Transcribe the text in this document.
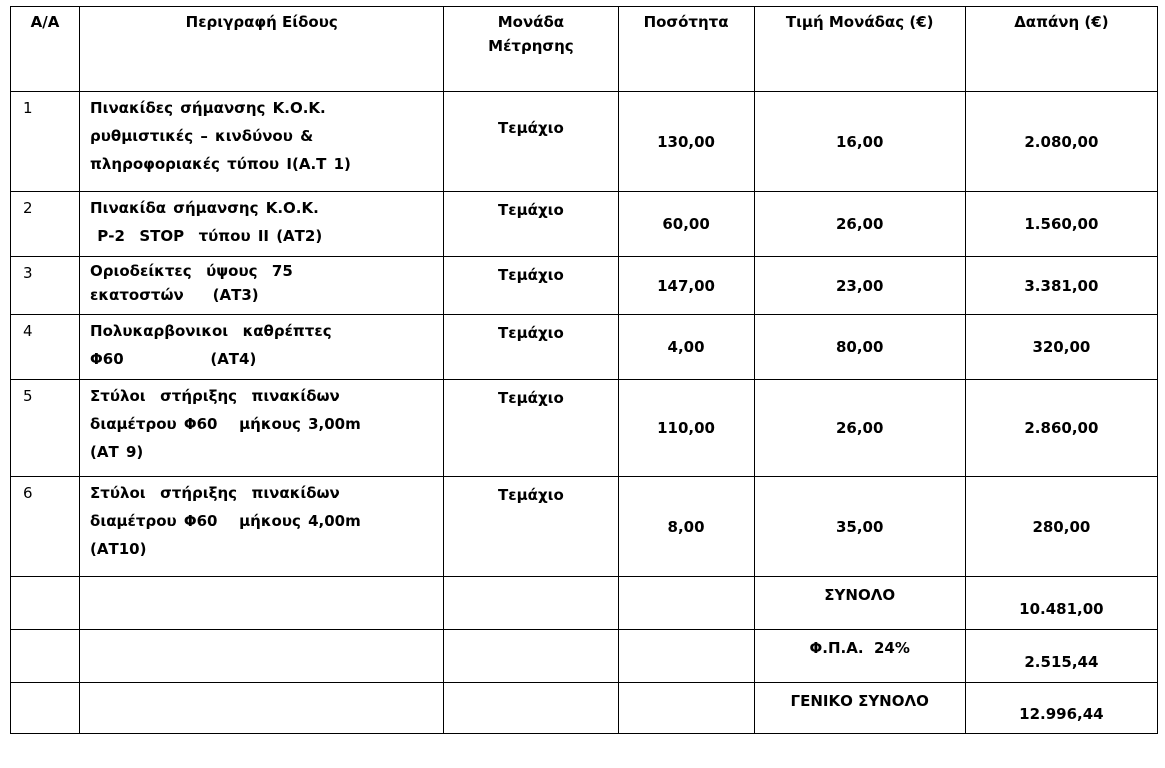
Α/Α	Περιγραφή Είδους	Μονάδα
Μέτρησης	Ποσότητα	Τιμή Μονάδας (€)	Δαπάνη (€)
1	Πινακίδες σήμανσης Κ.Ο.Κ.
ρυθμιστικές – κινδύνου &
πληροφοριακές τύπου I(Α.Τ 1)	Τεμάχιο	130,00	16,00	2.080,00
2	Πινακίδα σήμανσης Κ.Ο.Κ.
Ρ-2  STOP  τύπου II (ΑΤ2)	Τεμάχιο	60,00	26,00	1.560,00
3	Οριοδείκτες  ύψους  75
εκατοστών    (ΑΤ3)	Τεμάχιο	147,00	23,00	3.381,00
4	Πολυκαρβονικοι  καθρέπτες
Φ60            (ΑΤ4)	Τεμάχιο	4,00	80,00	320,00
5	Στύλοι  στήριξης  πινακίδων
διαμέτρου Φ60   μήκους 3,00m
(ΑΤ 9)	Τεμάχιο	110,00	26,00	2.860,00
6	Στύλοι  στήριξης  πινακίδων
διαμέτρου Φ60   μήκους 4,00m
(ΑΤ10)	Τεμάχιο	8,00	35,00	280,00
				ΣΥΝΟΛΟ	10.481,00
				Φ.Π.Α.  24%	2.515,44
				ΓΕΝΙΚΟ ΣΥΝΟΛΟ	12.996,44
